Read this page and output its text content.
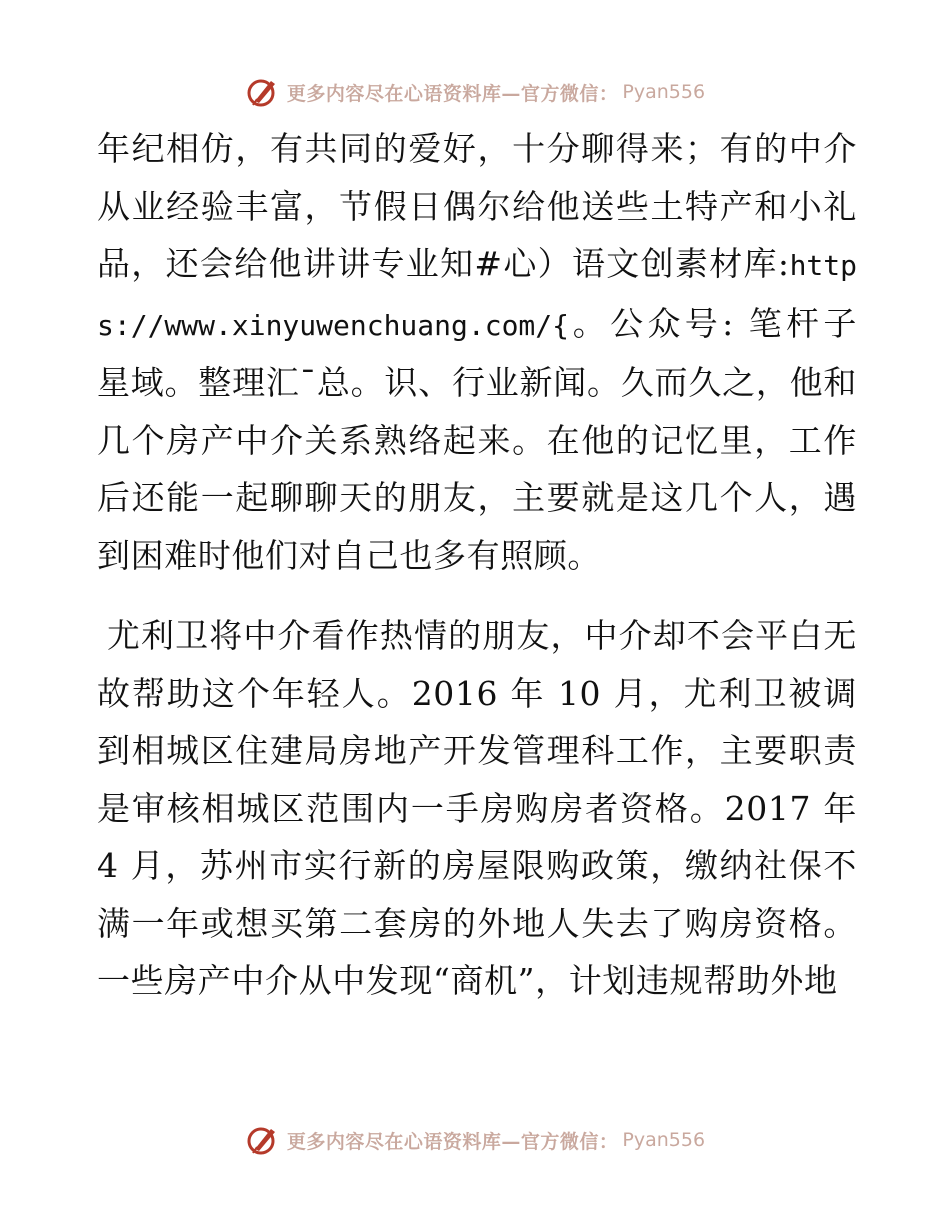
更多内容尽在心语资料库—官方微信： Pyan556

年纪相仿，有共同的爱好，十分聊得来；有的中介从业经验丰富，节假日偶尔给他送些土特产和小礼品，还会给他讲讲专业知#心）语文创素材库:https://www.xinyuwenchuang.com/{。公众号: 笔杆子星域。整理汇¯总。识、行业新闻。久而久之，他和几个房产中介关系熟络起来。在他的记忆里，工作后还能一起聊聊天的朋友，主要就是这几个人，遇到困难时他们对自己也多有照顾。

尤利卫将中介看作热情的朋友，中介却不会平白无故帮助这个年轻人。2016 年 10 月，尤利卫被调到相城区住建局房地产开发管理科工作，主要职责是审核相城区范围内一手房购房者资格。2017 年 4 月，苏州市实行新的房屋限购政策，缴纳社保不满一年或想买第二套房的外地人失去了购房资格。一些房产中介从中发现“商机”，计划违规帮助外地

更多内容尽在心语资料库—官方微信： Pyan556
